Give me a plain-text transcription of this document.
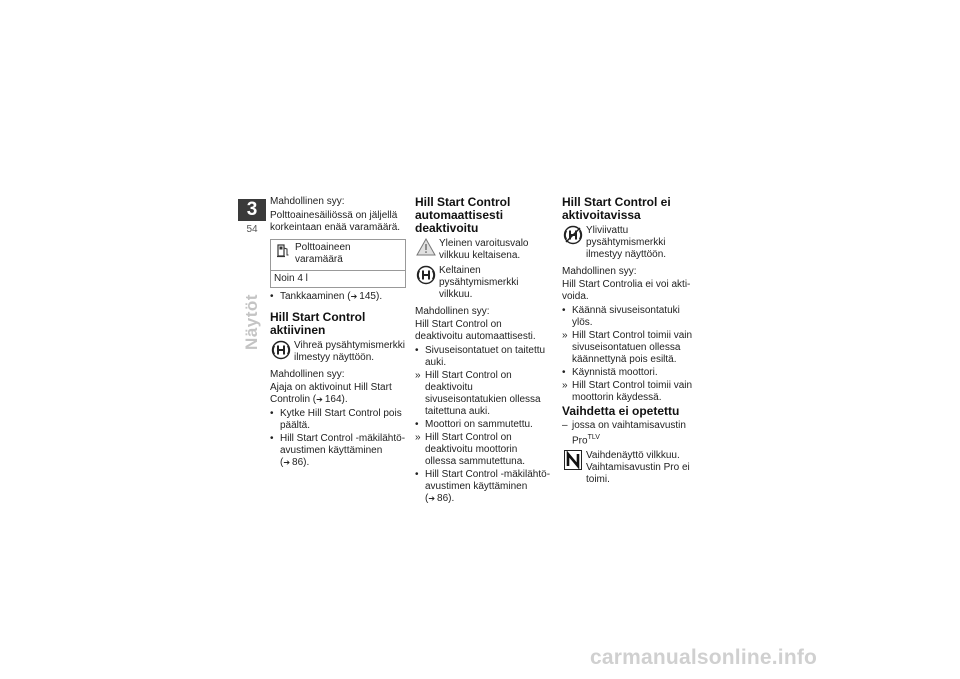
3
54
Näytöt

Mahdollinen syy:

Polttoainesäiliössä on jäljellä korkeintaan enää varamäärä.

Polttoaineen varamäärä
Noin 4 l
• Tankkaaminen ( ➔ 145).
Hill Start Control aktiivinen
Vihreä pysähtymismerkki ilmestyy näyttöön.

Mahdollinen syy:

Ajaja on aktivoinut Hill Start Controlin ( ➔ 164).

• Kytke Hill Start Control pois päältä.
• Hill Start Control -mäkilähtöavustimen käyttäminen ( ➔ 86).
Hill Start Control automaattisesti deaktivoitu
Yleinen varoitusvalo vilkkuu keltaisena.
Keltainen pysähtymismerkki vilkkuu.

Mahdollinen syy:

Hill Start Control on deaktivoitu automaattisesti.

• Sivuseisontatuet on taitettu auki.
» Hill Start Control on deaktivoitu sivuseisontatukien ollessa taitettuna auki.
• Moottori on sammutettu.
» Hill Start Control on deaktivoitu moottorin ollessa sammutettuna.
• Hill Start Control -mäkilähtöavustimen käyttäminen ( ➔ 86).
Hill Start Control ei aktivoitavissa
Yliviivattu pysähtymismerkki ilmestyy näyttöön.

Mahdollinen syy:

Hill Start Controlia ei voi aktivoida.

• Käännä sivuseisontatuki ylös.
» Hill Start Control toimii vain sivuseisontatuen ollessa käännettynä pois esiltä.
• Käynnistä moottori.
» Hill Start Control toimii vain moottorin käydessä.
Vaihdetta ei opetettu
– jossa on vaihtamisavustin Pro$^{TLV}$
Vaihdenäyttö vilkkuu. Vaihtamisavustin Pro ei toimi.
carmanualsonline.info
